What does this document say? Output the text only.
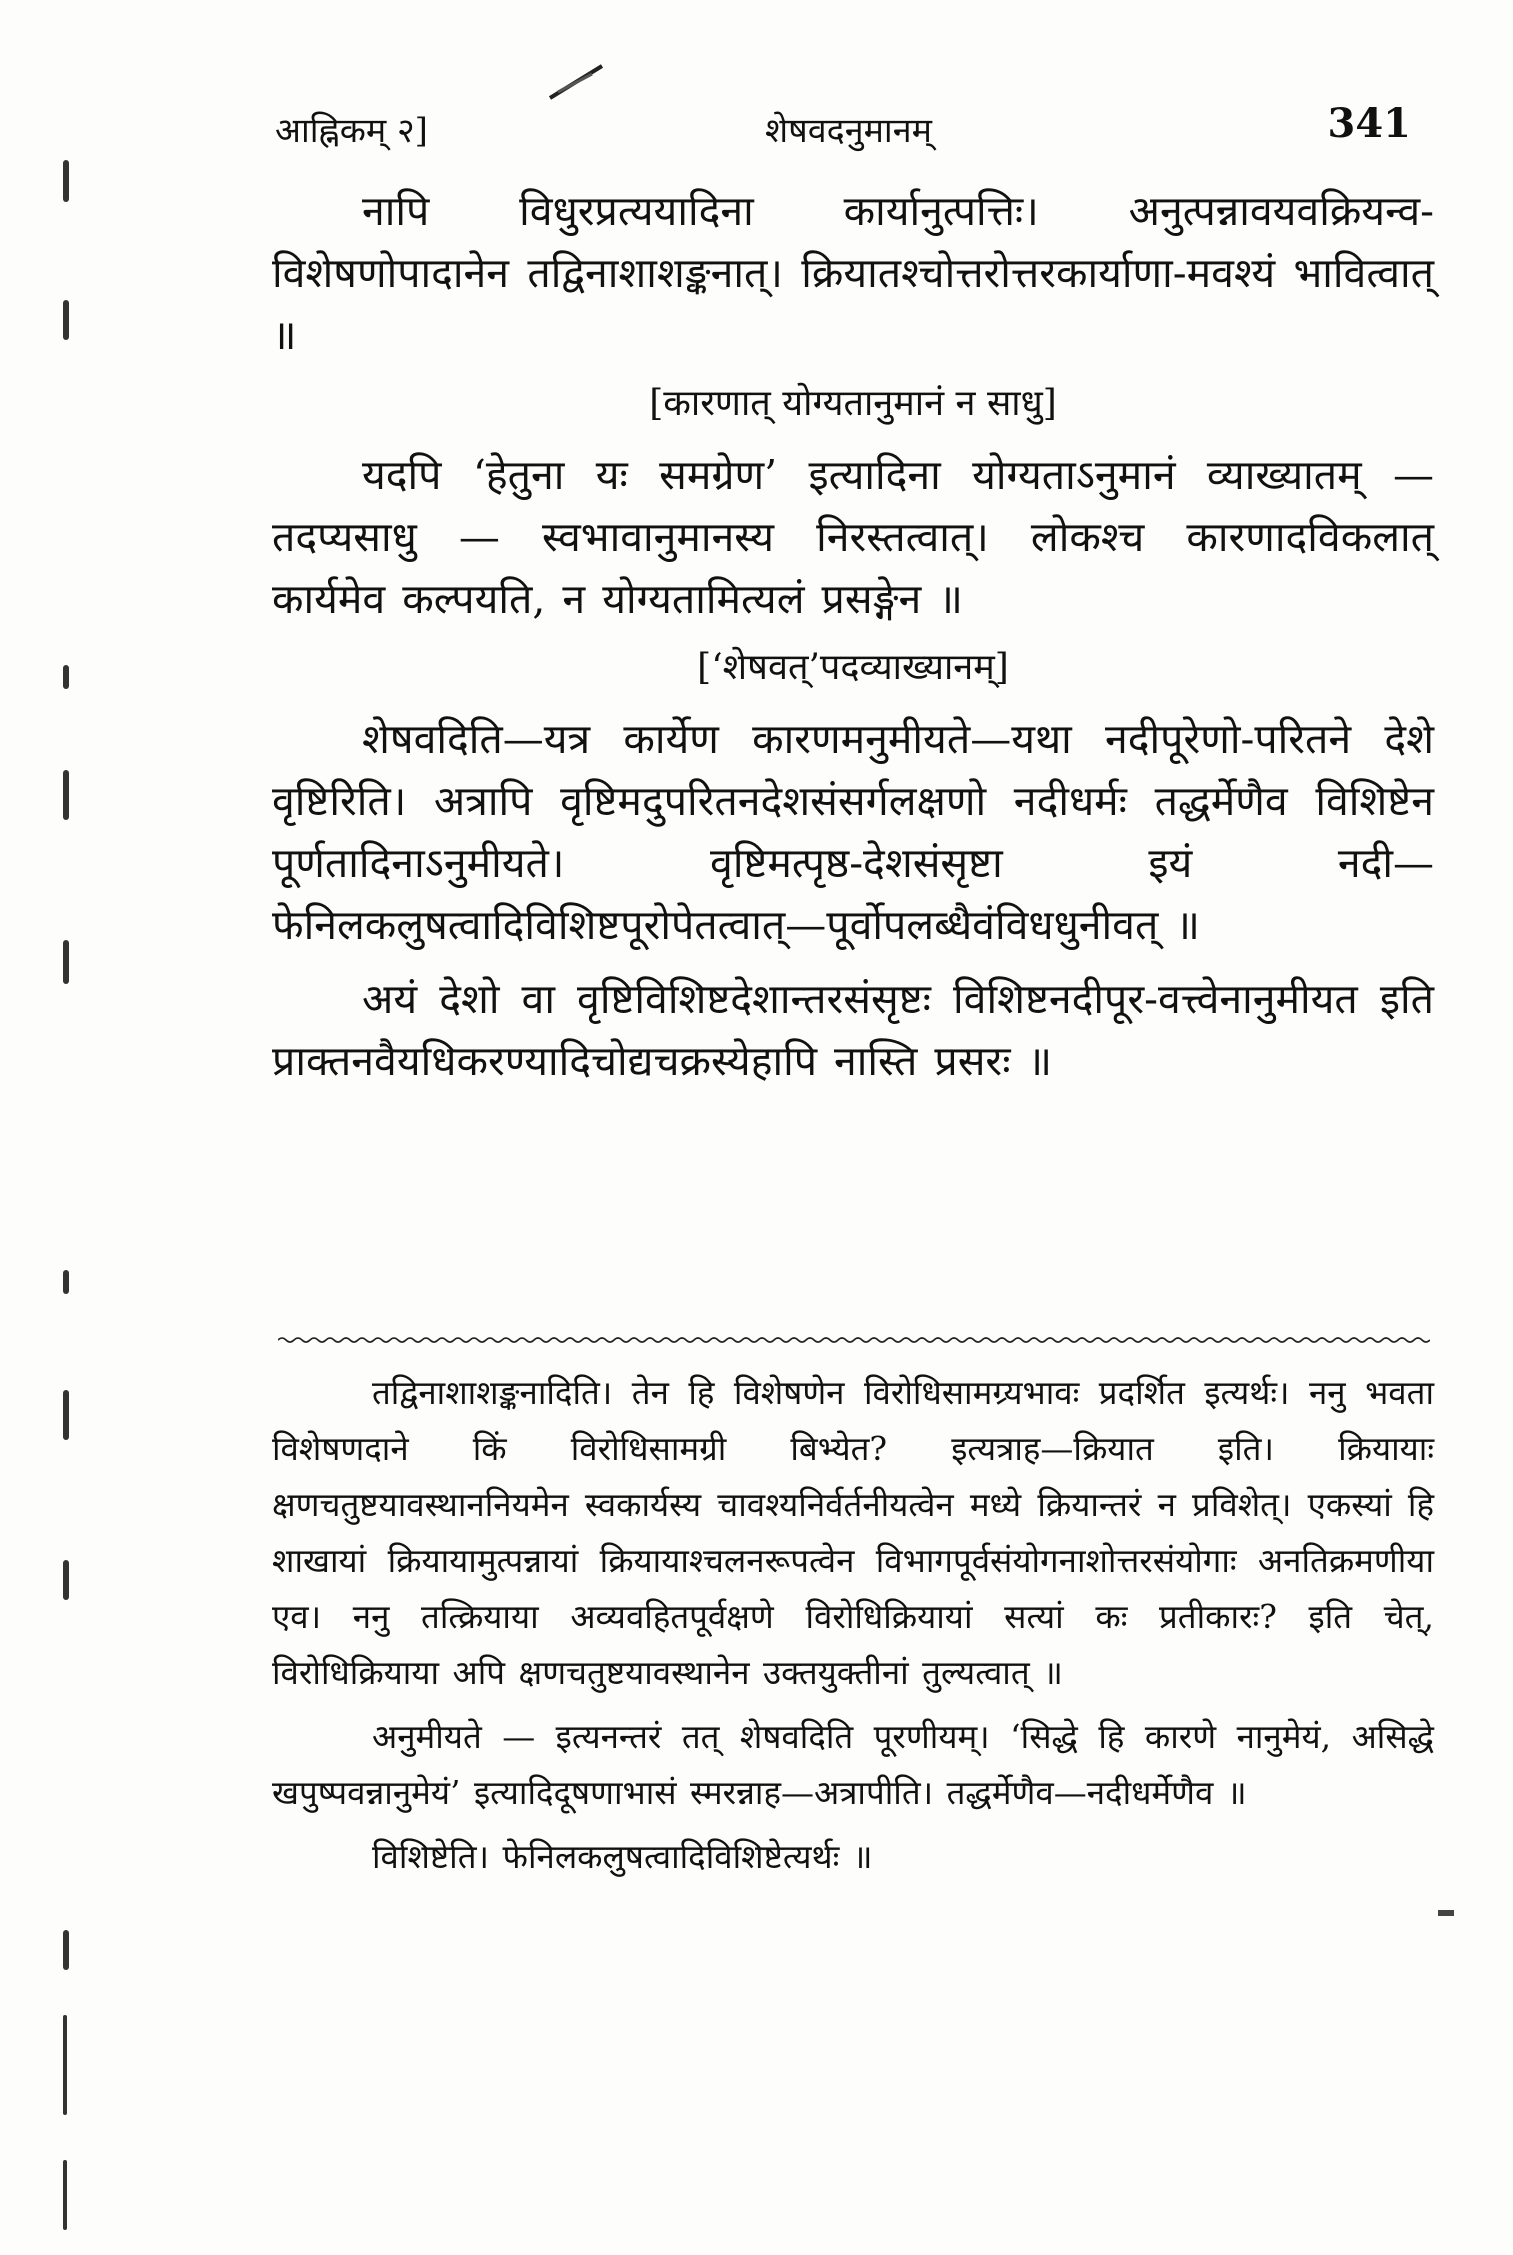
आह्निकम् २]	शेषवदनुमानम्	341

नापि विधुरप्रत्ययादिना कार्यानुत्पत्तिः। अनुत्पन्नावयवक्रियन्व-विशेषणोपादानेन तद्विनाशाशङ्कनात्। क्रियातश्चोत्तरोत्तरकार्याणा-मवश्यं भावित्वात् ॥

[कारणात् योग्यतानुमानं न साधु]

यदपि ‘हेतुना यः समग्रेण’ इत्यादिना योग्यताऽनुमानं व्याख्यातम् — तदप्यसाधु — स्वभावानुमानस्य निरस्तत्वात्। लोकश्च कारणादविकलात् कार्यमेव कल्पयति, न योग्यतामित्यलं प्रसङ्गेन ॥

[‘शेषवत्’पदव्याख्यानम्]

शेषवदिति—यत्र कार्येण कारणमनुमीयते—यथा नदीपूरेणो-परितने देशे वृष्टिरिति। अत्रापि वृष्टिमदुपरितनदेशसंसर्गलक्षणो नदीधर्मः तद्धर्मेणैव विशिष्टेन पूर्णतादिनाऽनुमीयते। वृष्टिमत्पृष्ठ-देशसंसृष्टा इयं नदी—फेनिलकलुषत्वादिविशिष्टपूरोपेतत्वात्—पूर्वोपलब्धैवंविधधुनीवत् ॥

अयं देशो वा वृष्टिविशिष्टदेशान्तरसंसृष्टः विशिष्टनदीपूर-वत्त्वेनानुमीयत इति प्राक्तनवैयधिकरण्यादिचोद्यचक्रस्येहापि नास्ति प्रसरः ॥

तद्विनाशाशङ्कनादिति। तेन हि विशेषणेन विरोधिसामग्र्यभावः प्रदर्शित इत्यर्थः। ननु भवता विशेषणदाने किं विरोधिसामग्री बिभ्येत? इत्यत्राह—क्रियात इति। क्रियायाः क्षणचतुष्टयावस्थाननियमेन स्वकार्यस्य चावश्यनिर्वर्तनीयत्वेन मध्ये क्रियान्तरं न प्रविशेत्। एकस्यां हि शाखायां क्रियायामुत्पन्नायां क्रियायाश्चलनरूपत्वेन विभागपूर्वसंयोगनाशोत्तरसंयोगाः अनतिक्रमणीया एव। ननु तत्क्रियाया अव्यवहितपूर्वक्षणे विरोधिक्रियायां सत्यां कः प्रतीकारः? इति चेत्, विरोधिक्रियाया अपि क्षणचतुष्टयावस्थानेन उक्तयुक्तीनां तुल्यत्वात् ॥

अनुमीयते — इत्यनन्तरं तत् शेषवदिति पूरणीयम्। ‘सिद्धे हि कारणे नानुमेयं, असिद्धे खपुष्पवन्नानुमेयं’ इत्यादिदूषणाभासं स्मरन्नाह—अत्रापीति। तद्धर्मेणैव—नदीधर्मेणैव ॥

विशिष्टेति। फेनिलकलुषत्वादिविशिष्टेत्यर्थः ॥
